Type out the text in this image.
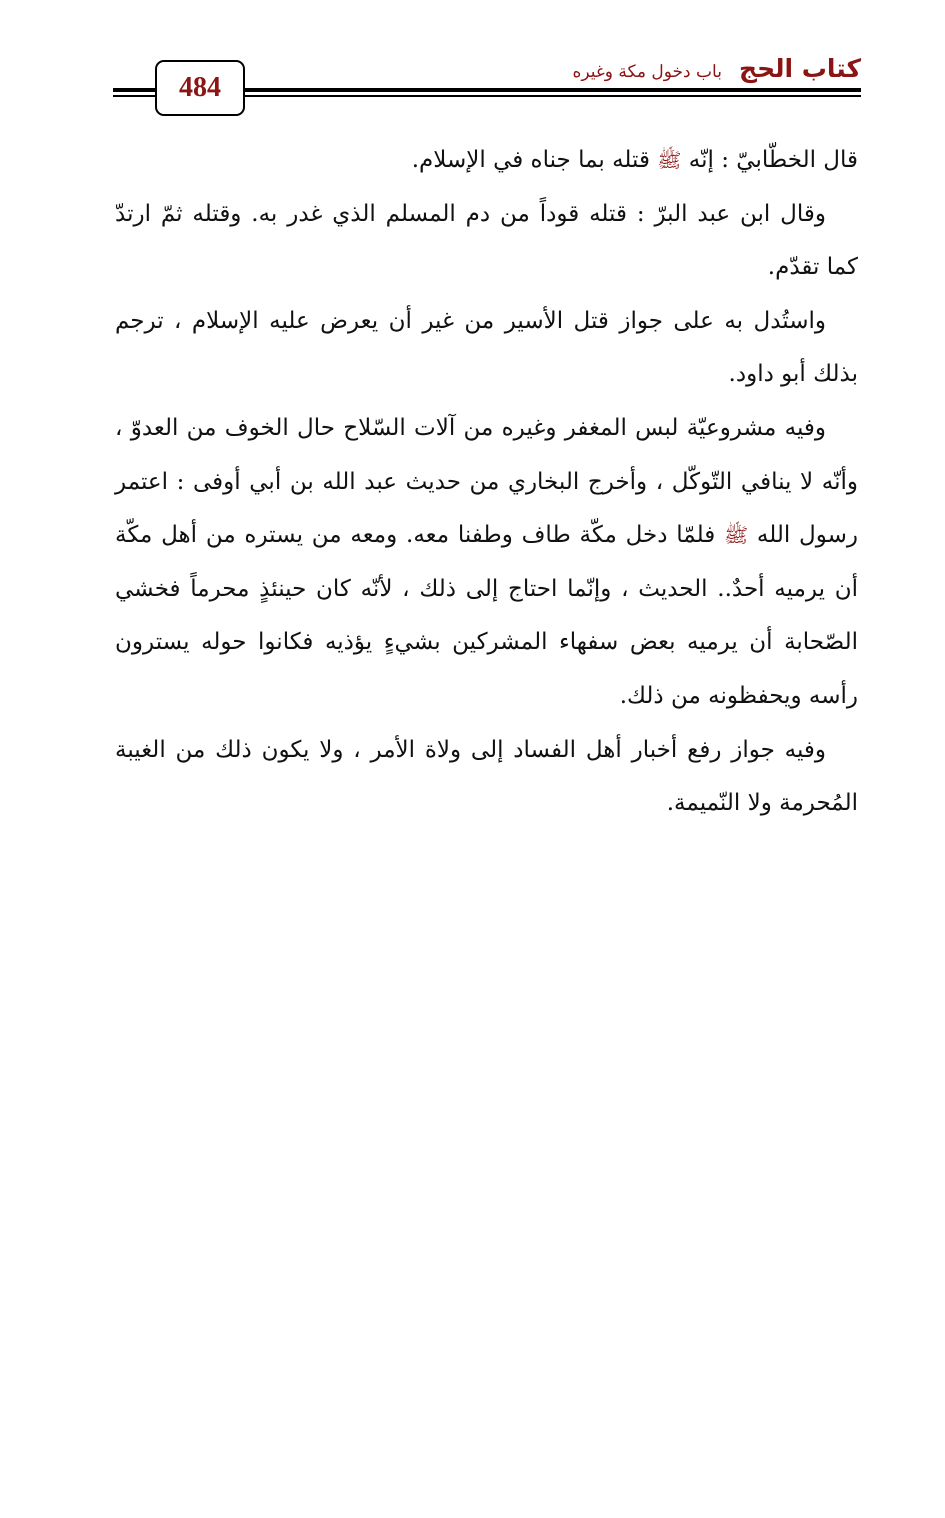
كتاب الحج باب دخول مكة وغيره
484

قال الخطّابيّ : إنّه ﷺ قتله بما جناه في الإسلام.

وقال ابن عبد البرّ : قتله قوداً من دم المسلم الذي غدر به. وقتله ثمّ ارتدّ كما تقدّم.

واستُدل به على جواز قتل الأسير من غير أن يعرض عليه الإسلام ، ترجم بذلك أبو داود.

وفيه مشروعيّة لبس المغفر وغيره من آلات السّلاح حال الخوف من العدوّ ، وأنّه لا ينافي التّوكّل ، وأخرج البخاري من حديث عبد الله بن أبي أوفى : اعتمر رسول الله ﷺ فلمّا دخل مكّة طاف وطفنا معه. ومعه من يستره من أهل مكّة أن يرميه أحدٌ.. الحديث ، وإنّما احتاج إلى ذلك ، لأنّه كان حينئذٍ محرماً فخشي الصّحابة أن يرميه بعض سفهاء المشركين بشيءٍ يؤذيه فكانوا حوله يسترون رأسه ويحفظونه من ذلك.

وفيه جواز رفع أخبار أهل الفساد إلى ولاة الأمر ، ولا يكون ذلك من الغيبة المُحرمة ولا النّميمة.
